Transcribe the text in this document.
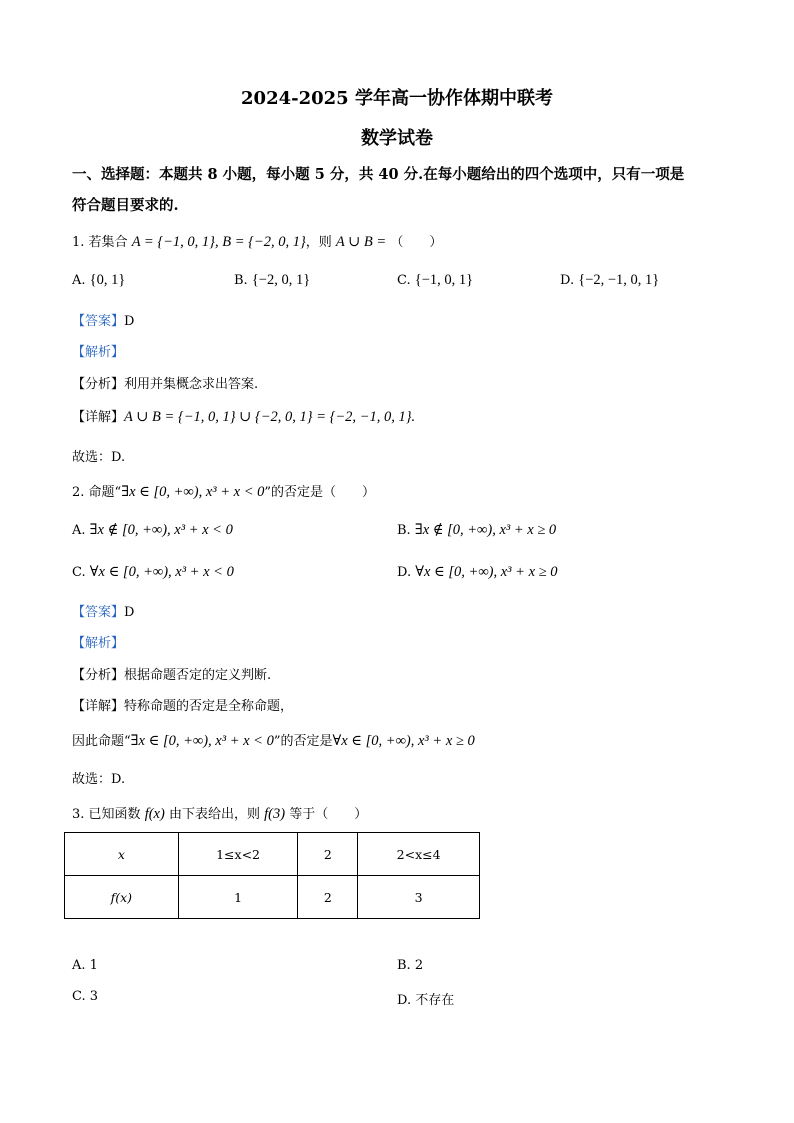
2024-2025 学年高一协作体期中联考
数学试卷
一、选择题：本题共 8 小题，每小题 5 分，共 40 分.在每小题给出的四个选项中，只有一项是
符合题目要求的.
1. 若集合 A = {−1, 0, 1}, B = {−2, 0, 1}，则 A ∪ B = （　　）
A. {0, 1}	B. {−2, 0, 1}	C. {−1, 0, 1}	D. {−2, −1, 0, 1}
【答案】D
【解析】
【分析】利用并集概念求出答案.
【详解】A ∪ B = {−1, 0, 1} ∪ {−2, 0, 1} = {−2, −1, 0, 1}.
故选：D.
2. 命题“∃x ∈ [0, +∞), x³ + x < 0”的否定是（　　）
A. ∃x ∉ [0, +∞), x³ + x < 0	B. ∃x ∉ [0, +∞), x³ + x ≥ 0
C. ∀x ∈ [0, +∞), x³ + x < 0	D. ∀x ∈ [0, +∞), x³ + x ≥ 0
【答案】D
【解析】
【分析】根据命题否定的定义判断.
【详解】特称命题的否定是全称命题，
因此命题“∃x ∈ [0, +∞), x³ + x < 0”的否定是∀x ∈ [0, +∞), x³ + x ≥ 0
故选：D.
3. 已知函数 f(x) 由下表给出，则 f(3) 等于（　　）
x	1≤x<2	2	2<x≤4
f(x)	1	2	3
A. 1	B. 2
C. 3	D. 不存在
